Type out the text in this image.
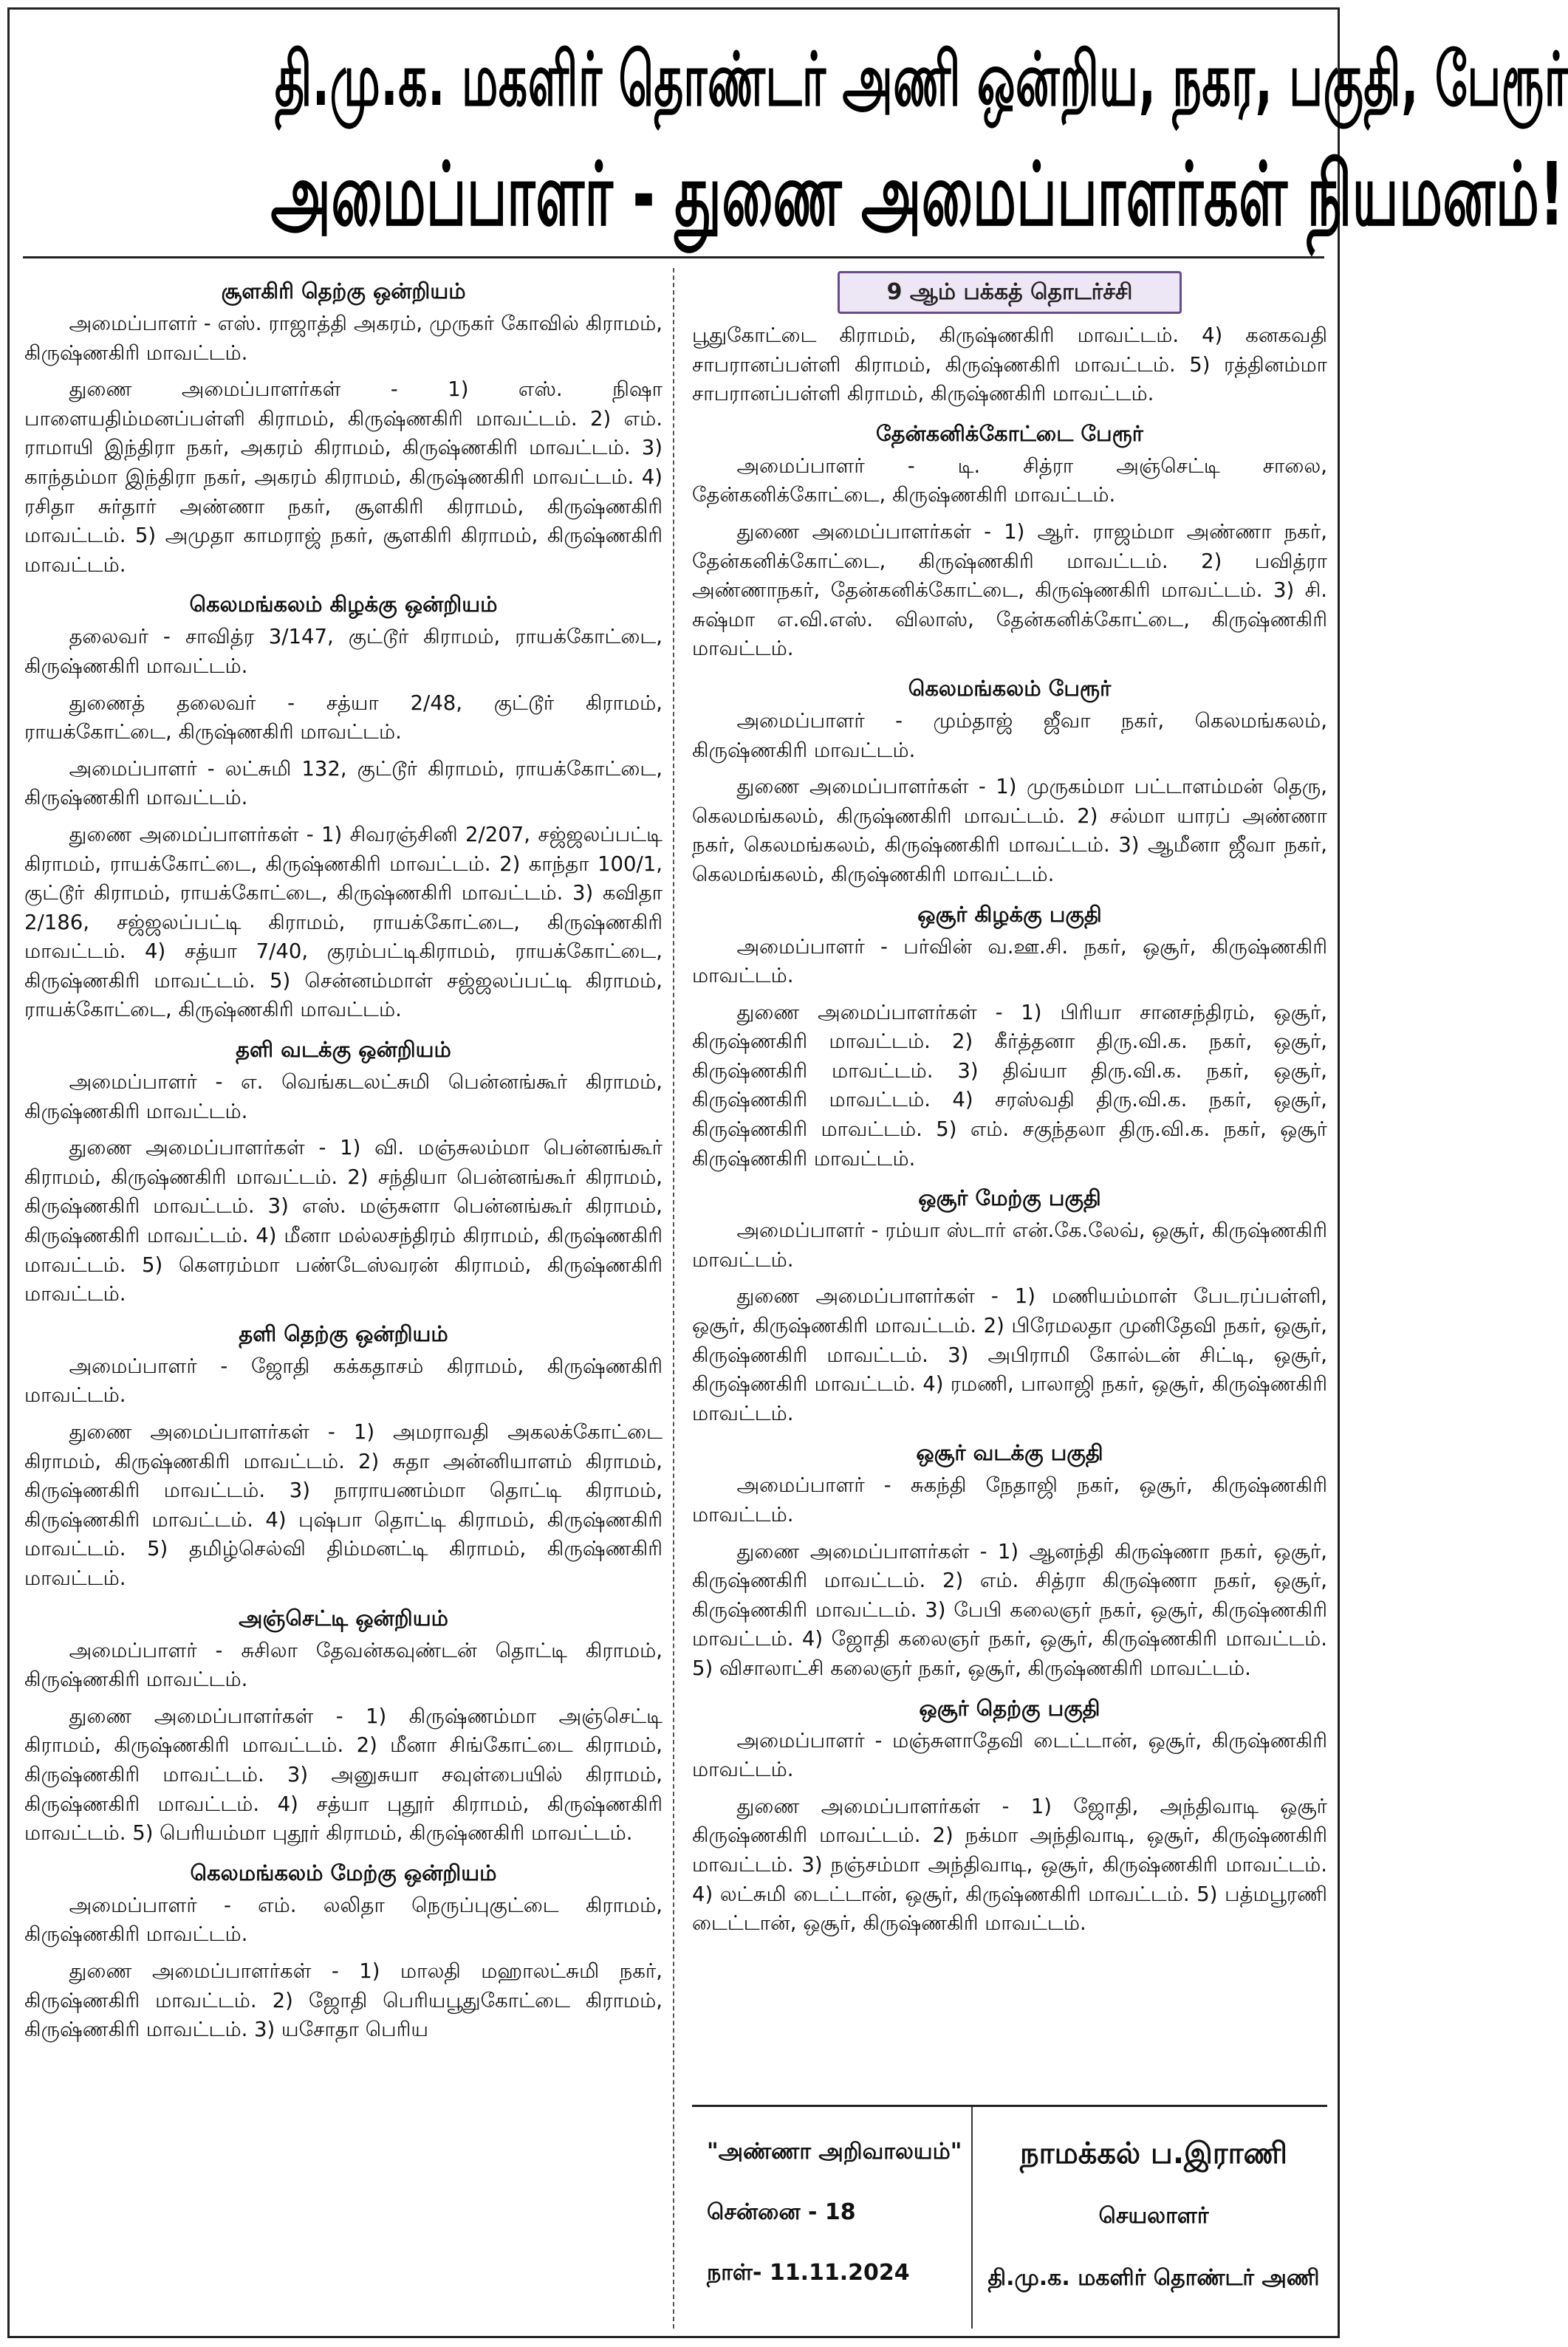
தி.மு.க. மகளிர் தொண்டர் அணி ஒன்றிய, நகர, பகுதி, பேரூர்
அமைப்பாளர் - துணை அமைப்பாளர்கள் நியமனம்!
சூளகிரி தெற்கு ஒன்றியம்

அமைப்பாளர் - எஸ். ராஜாத்தி அகரம், முருகர் கோவில் கிராமம், கிருஷ்ணகிரி மாவட்டம்.

துணை அமைப்பாளர்கள் - 1) எஸ். நிஷா பாளையதிம்மனப்பள்ளி கிராமம், கிருஷ்ணகிரி மாவட்டம். 2) எம். ராமாயி இந்திரா நகர், அகரம் கிராமம், கிருஷ்ணகிரி மாவட்டம். 3) காந்தம்மா இந்திரா நகர், அகரம் கிராமம், கிருஷ்ணகிரி மாவட்டம். 4) ரசிதா சுர்தார் அண்ணா நகர், சூளகிரி கிராமம், கிருஷ்ணகிரி மாவட்டம். 5) அமுதா காமராஜ் நகர், சூளகிரி கிராமம், கிருஷ்ணகிரி மாவட்டம்.

கெலமங்கலம் கிழக்கு ஒன்றியம்

தலைவர் - சாவித்ர 3/147, குட்டூர் கிராமம், ராயக்கோட்டை, கிருஷ்ணகிரி மாவட்டம்.

துணைத் தலைவர் - சத்யா 2/48, குட்டூர் கிராமம், ராயக்கோட்டை, கிருஷ்ணகிரி மாவட்டம்.

அமைப்பாளர் - லட்சுமி 132, குட்டூர் கிராமம், ராயக்கோட்டை, கிருஷ்ணகிரி மாவட்டம்.

துணை அமைப்பாளர்கள் - 1) சிவரஞ்சினி 2/207, சஜ்ஜலப்பட்டி கிராமம், ராயக்கோட்டை, கிருஷ்ணகிரி மாவட்டம். 2) காந்தா 100/1, குட்டூர் கிராமம், ராயக்கோட்டை, கிருஷ்ணகிரி மாவட்டம். 3) கவிதா 2/186, சஜ்ஜலப்பட்டி கிராமம், ராயக்கோட்டை, கிருஷ்ணகிரி மாவட்டம். 4) சத்யா 7/40, குரம்பட்டிகிராமம், ராயக்கோட்டை, கிருஷ்ணகிரி மாவட்டம். 5) சென்னம்மாள் சஜ்ஜலப்பட்டி கிராமம், ராயக்கோட்டை, கிருஷ்ணகிரி மாவட்டம்.

தளி வடக்கு ஒன்றியம்

அமைப்பாளர் - எ. வெங்கடலட்சுமி பென்னங்கூர் கிராமம், கிருஷ்ணகிரி மாவட்டம்.

துணை அமைப்பாளர்கள் - 1) வி. மஞ்சுலம்மா பென்னங்கூர் கிராமம், கிருஷ்ணகிரி மாவட்டம். 2) சந்தியா பென்னங்கூர் கிராமம், கிருஷ்ணகிரி மாவட்டம். 3) எஸ். மஞ்சுளா பென்னங்கூர் கிராமம், கிருஷ்ணகிரி மாவட்டம். 4) மீனா மல்லசந்திரம் கிராமம், கிருஷ்ணகிரி மாவட்டம். 5) கௌரம்மா பண்டேஸ்வரன் கிராமம், கிருஷ்ணகிரி மாவட்டம்.

தளி தெற்கு ஒன்றியம்

அமைப்பாளர் - ஜோதி கக்கதாசம் கிராமம், கிருஷ்ணகிரி மாவட்டம்.

துணை அமைப்பாளர்கள் - 1) அமராவதி அகலக்கோட்டை கிராமம், கிருஷ்ணகிரி மாவட்டம். 2) சுதா அன்னியாளம் கிராமம், கிருஷ்ணகிரி மாவட்டம். 3) நாராயணம்மா தொட்டி கிராமம், கிருஷ்ணகிரி மாவட்டம். 4) புஷ்பா தொட்டி கிராமம், கிருஷ்ணகிரி மாவட்டம். 5) தமிழ்செல்வி திம்மனட்டி கிராமம், கிருஷ்ணகிரி மாவட்டம்.

அஞ்செட்டி ஒன்றியம்

அமைப்பாளர் - சுசிலா தேவன்கவுண்டன் தொட்டி கிராமம், கிருஷ்ணகிரி மாவட்டம்.

துணை அமைப்பாளர்கள் - 1) கிருஷ்ணம்மா அஞ்செட்டி கிராமம், கிருஷ்ணகிரி மாவட்டம். 2) மீனா சிங்கோட்டை கிராமம், கிருஷ்ணகிரி மாவட்டம். 3) அனுசுயா சவுள்பையில் கிராமம், கிருஷ்ணகிரி மாவட்டம். 4) சத்யா புதூர் கிராமம், கிருஷ்ணகிரி மாவட்டம். 5) பெரியம்மா புதூர் கிராமம், கிருஷ்ணகிரி மாவட்டம்.

கெலமங்கலம் மேற்கு ஒன்றியம்

அமைப்பாளர் - எம். லலிதா நெருப்புகுட்டை கிராமம், கிருஷ்ணகிரி மாவட்டம்.

துணை அமைப்பாளர்கள் - 1) மாலதி மஹாலட்சுமி நகர், கிருஷ்ணகிரி மாவட்டம். 2) ஜோதி பெரியபூதுகோட்டை கிராமம், கிருஷ்ணகிரி மாவட்டம். 3) யசோதா பெரிய

9 ஆம் பக்கத் தொடர்ச்சி

பூதுகோட்டை கிராமம், கிருஷ்ணகிரி மாவட்டம். 4) கனகவதி சாபரானப்பள்ளி கிராமம், கிருஷ்ணகிரி மாவட்டம். 5) ரத்தினம்மா சாபரானப்பள்ளி கிராமம், கிருஷ்ணகிரி மாவட்டம்.

தேன்கனிக்கோட்டை பேரூர்

அமைப்பாளர் - டி. சித்ரா அஞ்செட்டி சாலை, தேன்கனிக்கோட்டை, கிருஷ்ணகிரி மாவட்டம்.

துணை அமைப்பாளர்கள் - 1) ஆர். ராஜம்மா அண்ணா நகர், தேன்கனிக்கோட்டை, கிருஷ்ணகிரி மாவட்டம். 2) பவித்ரா அண்ணாநகர், தேன்கனிக்கோட்டை, கிருஷ்ணகிரி மாவட்டம். 3) சி. சுஷ்மா எ.வி.எஸ். விலாஸ், தேன்கனிக்கோட்டை, கிருஷ்ணகிரி மாவட்டம்.

கெலமங்கலம் பேரூர்

அமைப்பாளர் - மும்தாஜ் ஜீவா நகர், கெலமங்கலம், கிருஷ்ணகிரி மாவட்டம்.

துணை அமைப்பாளர்கள் - 1) முருகம்மா பட்டாளம்மன் தெரு, கெலமங்கலம், கிருஷ்ணகிரி மாவட்டம். 2) சல்மா யாரப் அண்ணா நகர், கெலமங்கலம், கிருஷ்ணகிரி மாவட்டம். 3) ஆமீனா ஜீவா நகர், கெலமங்கலம், கிருஷ்ணகிரி மாவட்டம்.

ஒசூர் கிழக்கு பகுதி

அமைப்பாளர் - பர்வின் வ.ஊ.சி. நகர், ஒசூர், கிருஷ்ணகிரி மாவட்டம்.

துணை அமைப்பாளர்கள் - 1) பிரியா சானசந்திரம், ஒசூர், கிருஷ்ணகிரி மாவட்டம். 2) கீர்த்தனா திரு.வி.க. நகர், ஒசூர், கிருஷ்ணகிரி மாவட்டம். 3) திவ்யா திரு.வி.க. நகர், ஒசூர், கிருஷ்ணகிரி மாவட்டம். 4) சரஸ்வதி திரு.வி.க. நகர், ஒசூர், கிருஷ்ணகிரி மாவட்டம். 5) எம். சகுந்தலா திரு.வி.க. நகர், ஒசூர் கிருஷ்ணகிரி மாவட்டம்.

ஒசூர் மேற்கு பகுதி

அமைப்பாளர் - ரம்யா ஸ்டார் என்.கே.லேவ், ஒசூர், கிருஷ்ணகிரி மாவட்டம்.

துணை அமைப்பாளர்கள் - 1) மணியம்மாள் பேடரப்பள்ளி, ஒசூர், கிருஷ்ணகிரி மாவட்டம். 2) பிரேமலதா முனிதேவி நகர், ஒசூர், கிருஷ்ணகிரி மாவட்டம். 3) அபிராமி கோல்டன் சிட்டி, ஒசூர், கிருஷ்ணகிரி மாவட்டம். 4) ரமணி, பாலாஜி நகர், ஒசூர், கிருஷ்ணகிரி மாவட்டம்.

ஒசூர் வடக்கு பகுதி

அமைப்பாளர் - சுகந்தி நேதாஜி நகர், ஒசூர், கிருஷ்ணகிரி மாவட்டம்.

துணை அமைப்பாளர்கள் - 1) ஆனந்தி கிருஷ்ணா நகர், ஒசூர், கிருஷ்ணகிரி மாவட்டம். 2) எம். சித்ரா கிருஷ்ணா நகர், ஒசூர், கிருஷ்ணகிரி மாவட்டம். 3) பேபி கலைஞர் நகர், ஒசூர், கிருஷ்ணகிரி மாவட்டம். 4) ஜோதி கலைஞர் நகர், ஒசூர், கிருஷ்ணகிரி மாவட்டம். 5) விசாலாட்சி கலைஞர் நகர், ஒசூர், கிருஷ்ணகிரி மாவட்டம்.

ஒசூர் தெற்கு பகுதி

அமைப்பாளர் - மஞ்சுளாதேவி டைட்டான், ஒசூர், கிருஷ்ணகிரி மாவட்டம்.

துணை அமைப்பாளர்கள் - 1) ஜோதி, அந்திவாடி ஒசூர் கிருஷ்ணகிரி மாவட்டம். 2) நக்மா அந்திவாடி, ஒசூர், கிருஷ்ணகிரி மாவட்டம். 3) நஞ்சம்மா அந்திவாடி, ஒசூர், கிருஷ்ணகிரி மாவட்டம். 4) லட்சுமி டைட்டான், ஒசூர், கிருஷ்ணகிரி மாவட்டம். 5) பத்மபூரணி டைட்டான், ஒசூர், கிருஷ்ணகிரி மாவட்டம்.

"அண்ணா அறிவாலயம்"
சென்னை - 18
நாள்- 11.11.2024
நாமக்கல் ப.இராணி
செயலாளர்
தி.மு.க. மகளிர் தொண்டர் அணி
